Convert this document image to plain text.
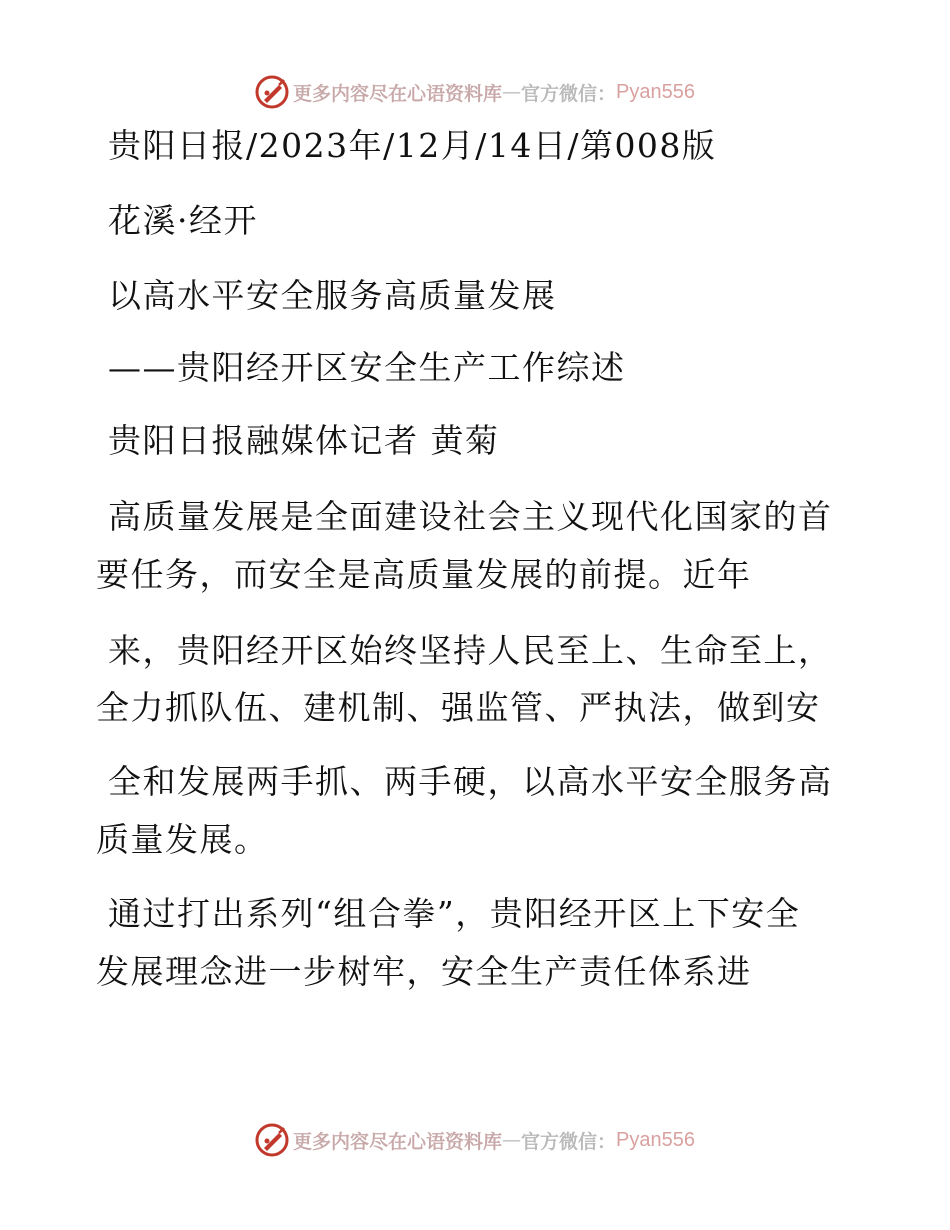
更多内容尽在心语资料库 — 官方微信： Pyan556
贵阳日报/2023年/12月/14日/第008版
花溪·经开
以高水平安全服务高质量发展
——贵阳经开区安全生产工作综述
贵阳日报融媒体记者 黄菊
高质量发展是全面建设社会主义现代化国家的首
要任务，而安全是高质量发展的前提。近年
来，贵阳经开区始终坚持人民至上、生命至上，
全力抓队伍、建机制、强监管、严执法，做到安
全和发展两手抓、两手硬，以高水平安全服务高
质量发展。
通过打出系列“组合拳”，贵阳经开区上下安全
发展理念进一步树牢，安全生产责任体系进
更多内容尽在心语资料库 — 官方微信： Pyan556
